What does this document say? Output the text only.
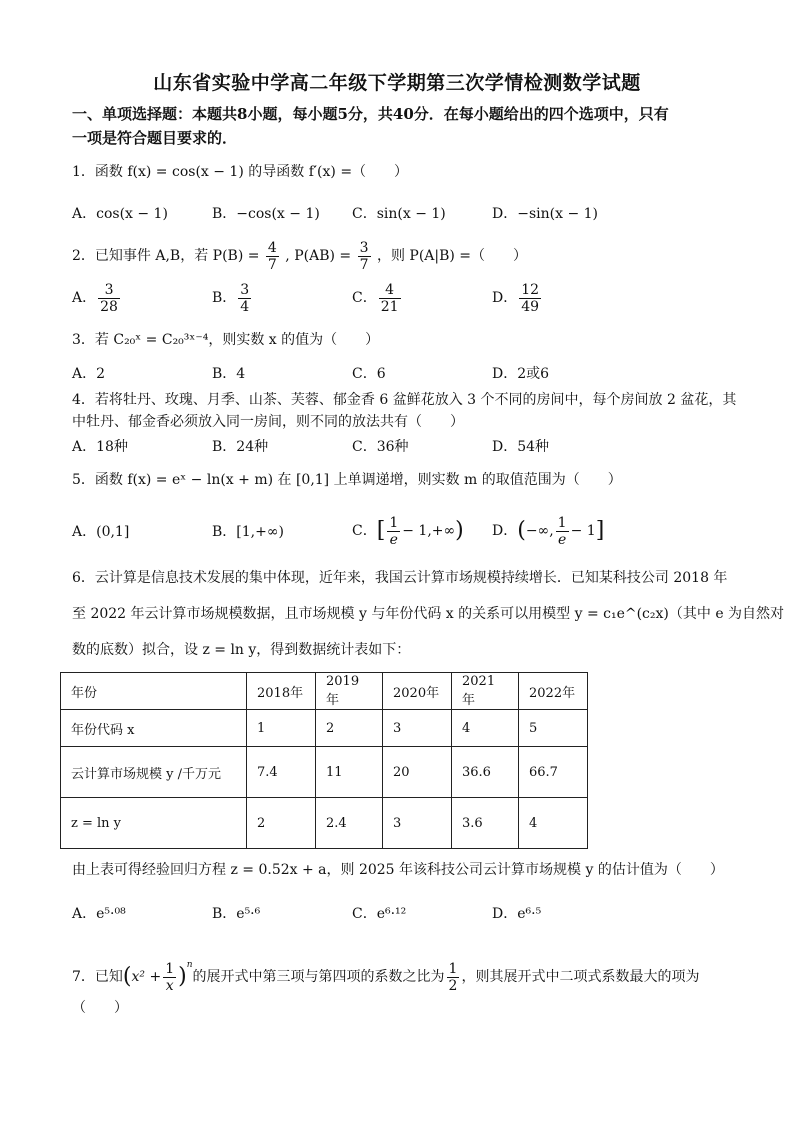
山东省实验中学高二年级下学期第三次学情检测数学试题
一、单项选择题：本题共8小题，每小题5分，共40分．在每小题给出的四个选项中，只有
一项是符合题目要求的．
1．函数 f(x) = cos(x − 1) 的导函数 f′(x) =（　　）
A．cos(x − 1)	B．−cos(x − 1) C．sin(x − 1)	D．−sin(x − 1)
2．已知事件 A,B，若 $P(B) = \frac{4}{7}$ , $P(AB) = \frac{3}{7}$ ，则 P(A|B) =（　　）
A． $\frac{3}{28}$	B． $\frac{3}{4}$	C． $\frac{4}{21}$	D． $\frac{12}{49}$
3．若 C₂₀ˣ = C₂₀³ˣ⁻⁴，则实数 x 的值为（　　）
A．2	B．4	C．6	D．2或6
4．若将牡丹、玫瑰、月季、山茶、芙蓉、郁金香 6 盆鲜花放入 3 个不同的房间中，每个房间放 2 盆花，其
中牡丹、郁金香必须放入同一房间，则不同的放法共有（　　）
A．18种	B．24种	C．36种	D．54种
5．函数 f(x) = eˣ − ln(x + m) 在 [0,1] 上单调递增，则实数 m 的取值范围为（　　）
A．(0,1]	B．[1,+∞)	C．[ $\frac{1}{e} - 1,+\infty$) D．(−∞, $\frac{1}{e} - 1$]
6．云计算是信息技术发展的集中体现，近年来，我国云计算市场规模持续增长．已知某科技公司 2018 年
至 2022 年云计算市场规模数据，且市场规模 y 与年份代码 x 的关系可以用模型 y = c₁e^(c₂x)（其中 e 为自然对
数的底数）拟合，设 z = ln y，得到数据统计表如下：
年份	2018年	2019年	2020年	2021年	2022年
年份代码 x	1	2	3	4	5
云计算市场规模 y /千万元	7.4	11	20	36.6	66.7
z = ln y	2	2.4	3	3.6	4
由上表可得经验回归方程 z = 0.52x + a，则 2025 年该科技公司云计算市场规模 y 的估计值为（　　）
A．e⁵·⁰⁸	B．e⁵·⁶	C．e⁶·¹²	D．e⁶·⁵
7．已知$(x^2 + \frac{1}{x} )^n$的展开式中第三项与第四项的系数之比为 $\frac{1}{2}$ ，则其展开式中二项式系数最大的项为
（　　）
